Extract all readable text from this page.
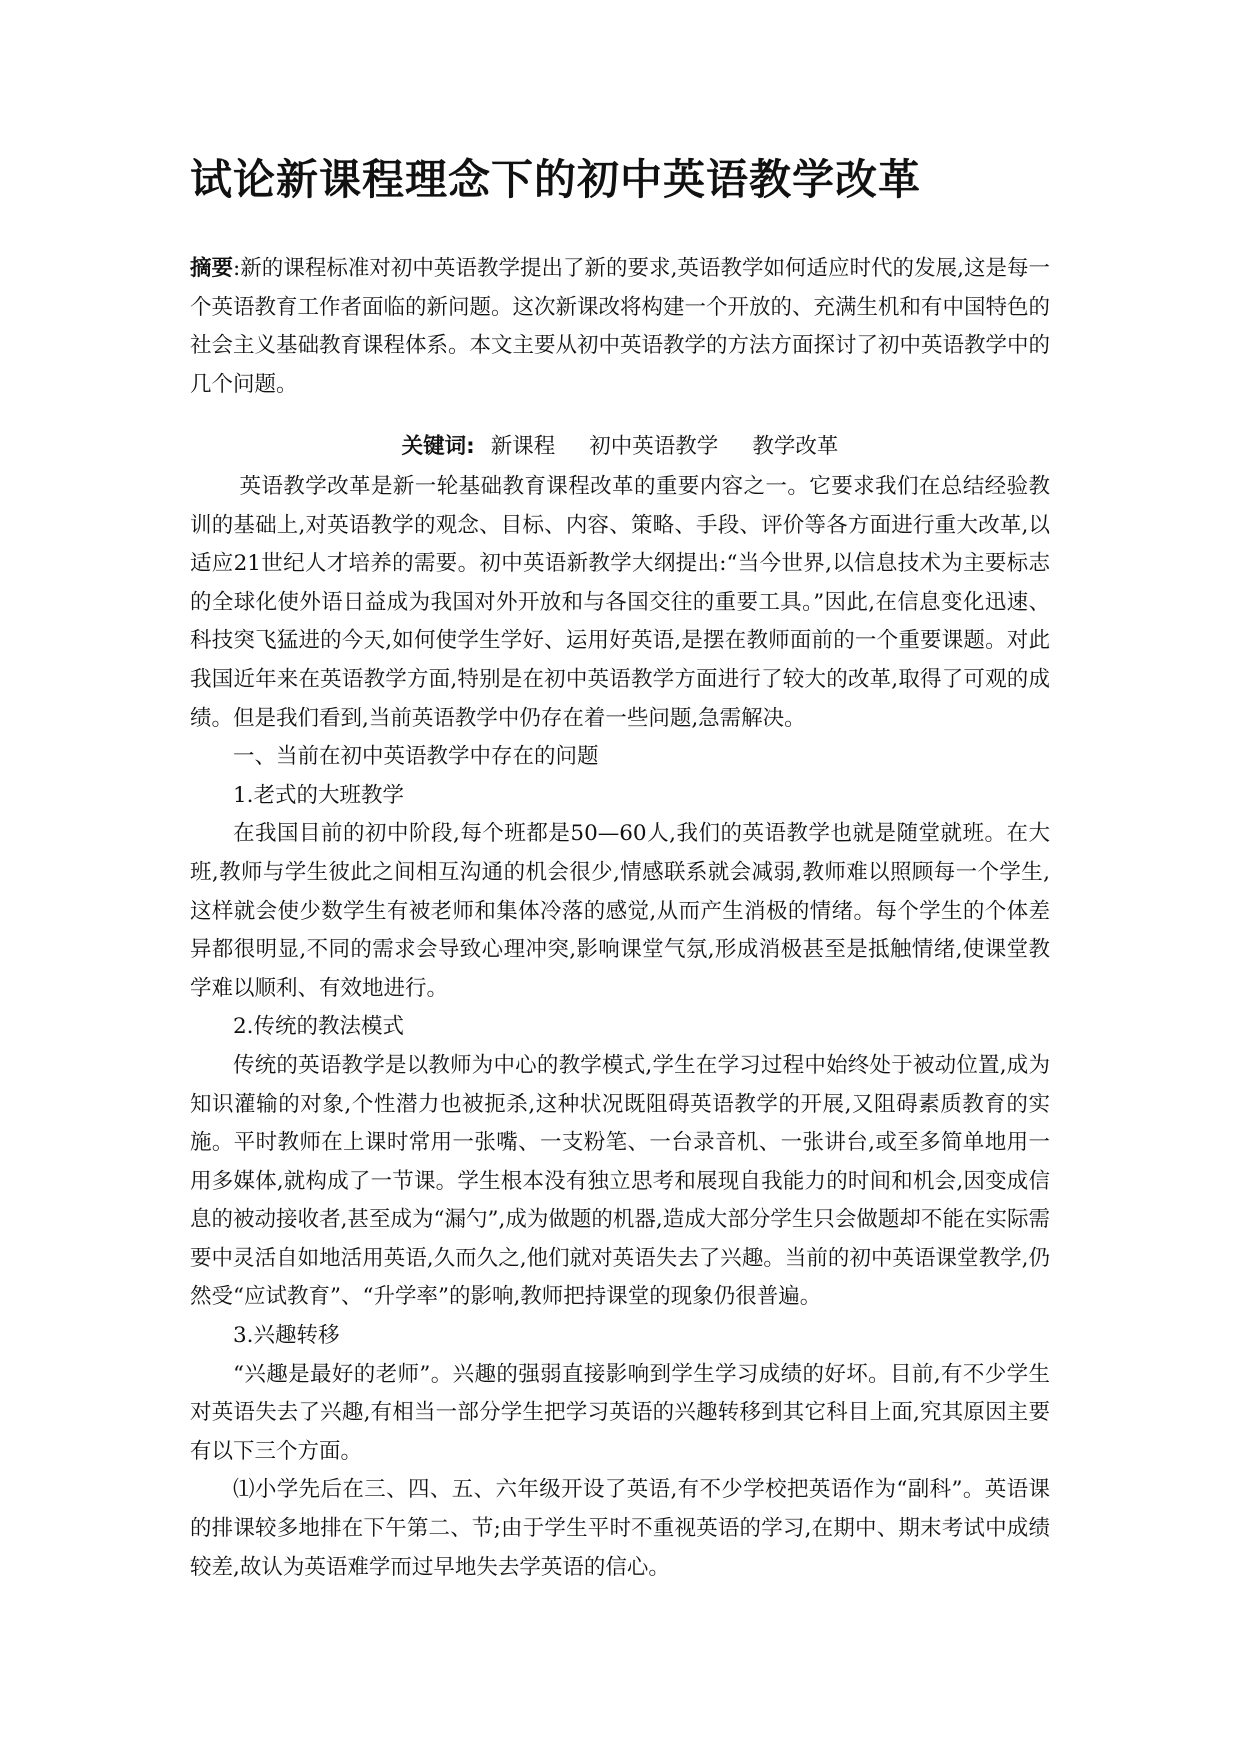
试论新课程理念下的初中英语教学改革
摘要:新的课程标准对初中英语教学提出了新的要求,英语教学如何适应时代的发展,这是每一个英语教育工作者面临的新问题。这次新课改将构建一个开放的、充满生机和有中国特色的社会主义基础教育课程体系。本文主要从初中英语教学的方法方面探讨了初中英语教学中的几个问题。
关键词: 新课程 初中英语教学 教学改革

英语教学改革是新一轮基础教育课程改革的重要内容之一。它要求我们在总结经验教训的基础上,对英语教学的观念、目标、内容、策略、手段、评价等各方面进行重大改革,以适应21世纪人才培养的需要。初中英语新教学大纲提出:“当今世界,以信息技术为主要标志的全球化使外语日益成为我国对外开放和与各国交往的重要工具。”因此,在信息变化迅速、科技突飞猛进的今天,如何使学生学好、运用好英语,是摆在教师面前的一个重要课题。对此我国近年来在英语教学方面,特别是在初中英语教学方面进行了较大的改革,取得了可观的成绩。但是我们看到,当前英语教学中仍存在着一些问题,急需解决。

一、当前在初中英语教学中存在的问题

1.老式的大班教学

在我国目前的初中阶段,每个班都是50—60人,我们的英语教学也就是随堂就班。在大班,教师与学生彼此之间相互沟通的机会很少,情感联系就会减弱,教师难以照顾每一个学生,这样就会使少数学生有被老师和集体冷落的感觉,从而产生消极的情绪。每个学生的个体差异都很明显,不同的需求会导致心理冲突,影响课堂气氛,形成消极甚至是抵触情绪,使课堂教学难以顺利、有效地进行。

2.传统的教法模式

传统的英语教学是以教师为中心的教学模式,学生在学习过程中始终处于被动位置,成为知识灌输的对象,个性潜力也被扼杀,这种状况既阻碍英语教学的开展,又阻碍素质教育的实施。平时教师在上课时常用一张嘴、一支粉笔、一台录音机、一张讲台,或至多简单地用一用多媒体,就构成了一节课。学生根本没有独立思考和展现自我能力的时间和机会,因变成信息的被动接收者,甚至成为“漏勺”,成为做题的机器,造成大部分学生只会做题却不能在实际需要中灵活自如地活用英语,久而久之,他们就对英语失去了兴趣。当前的初中英语课堂教学,仍然受“应试教育”、“升学率”的影响,教师把持课堂的现象仍很普遍。

3.兴趣转移

“兴趣是最好的老师”。兴趣的强弱直接影响到学生学习成绩的好坏。目前,有不少学生对英语失去了兴趣,有相当一部分学生把学习英语的兴趣转移到其它科目上面,究其原因主要有以下三个方面。

⑴小学先后在三、四、五、六年级开设了英语,有不少学校把英语作为“副科”。英语课的排课较多地排在下午第二、节;由于学生平时不重视英语的学习,在期中、期末考试中成绩较差,故认为英语难学而过早地失去学英语的信心。
